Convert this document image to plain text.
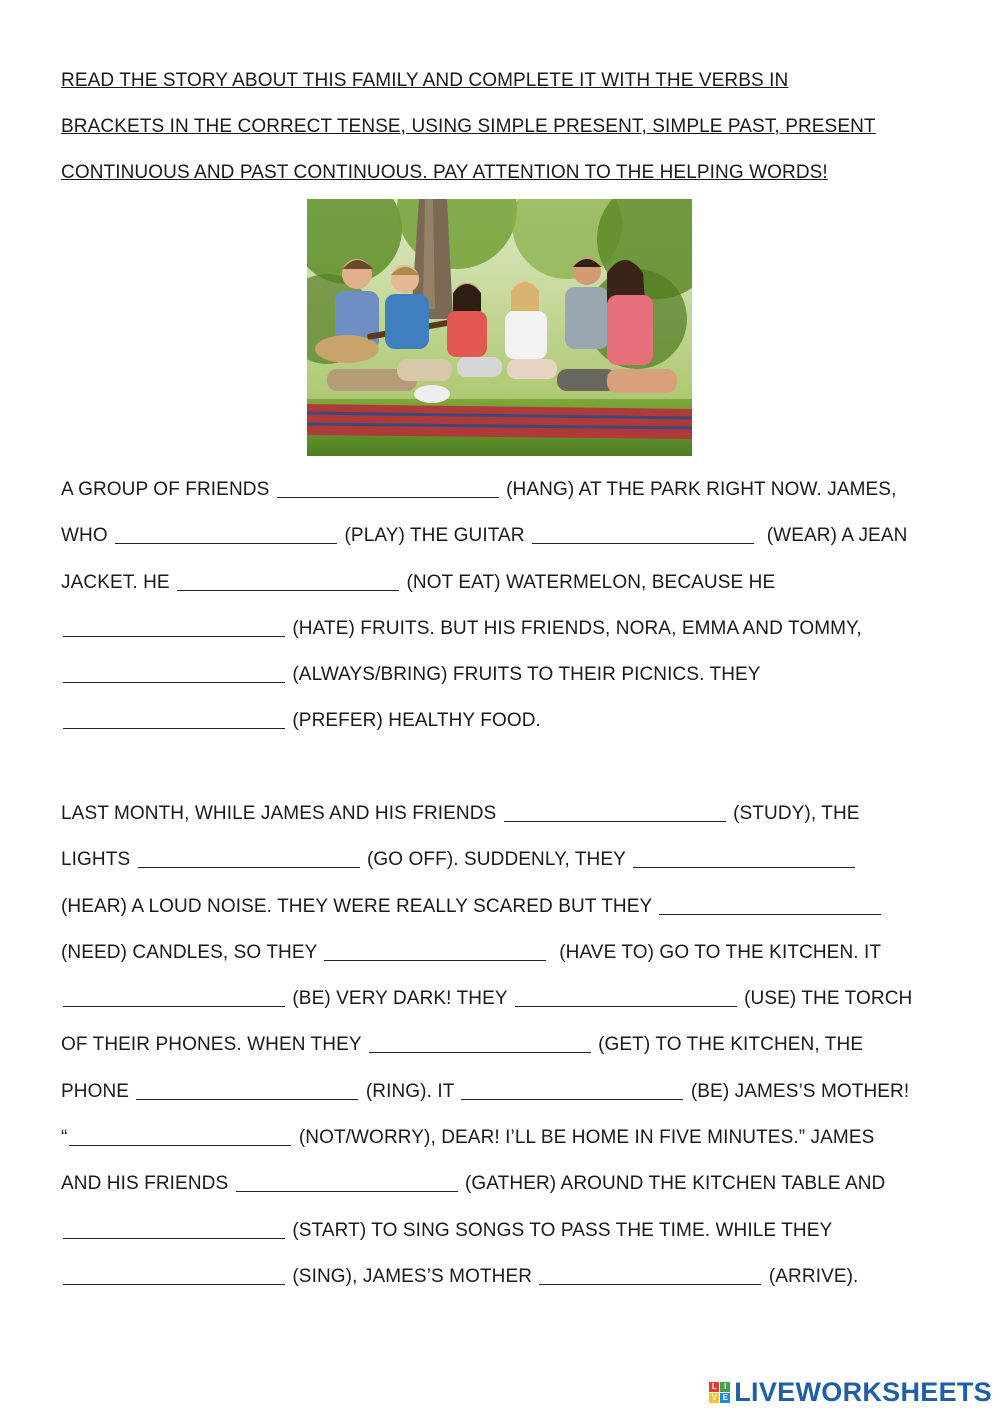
READ THE STORY ABOUT THIS FAMILY AND COMPLETE IT WITH THE VERBS IN
BRACKETS IN THE CORRECT TENSE, USING SIMPLE PRESENT, SIMPLE PAST, PRESENT
CONTINUOUS AND PAST CONTINUOUS. PAY ATTENTION TO THE HELPING WORDS!
A GROUP OF FRIENDS	(HANG) AT THE PARK RIGHT NOW. JAMES,
WHO	(PLAY) THE GUITAR	(WEAR) A JEAN
JACKET. HE	(NOT EAT) WATERMELON, BECAUSE HE
(HATE) FRUITS. BUT HIS FRIENDS, NORA, EMMA AND TOMMY,
(ALWAYS/BRING) FRUITS TO THEIR PICNICS. THEY
(PREFER) HEALTHY FOOD.
LAST MONTH, WHILE JAMES AND HIS FRIENDS	(STUDY), THE
LIGHTS	(GO OFF). SUDDENLY, THEY
(HEAR) A LOUD NOISE. THEY WERE REALLY SCARED BUT THEY
(NEED) CANDLES, SO THEY	(HAVE TO) GO TO THE KITCHEN. IT
(BE) VERY DARK! THEY	(USE) THE TORCH
OF THEIR PHONES. WHEN THEY	(GET) TO THE KITCHEN, THE
PHONE	(RING). IT	(BE) JAMES’S MOTHER!
“	(NOT/WORRY), DEAR! I’LL BE HOME IN FIVE MINUTES.” JAMES
AND HIS FRIENDS	(GATHER) AROUND THE KITCHEN TABLE AND
(START) TO SING SONGS TO PASS THE TIME. WHILE THEY
(SING), JAMES’S MOTHER	(ARRIVE).
L I
V E LIVEWORKSHEETS
